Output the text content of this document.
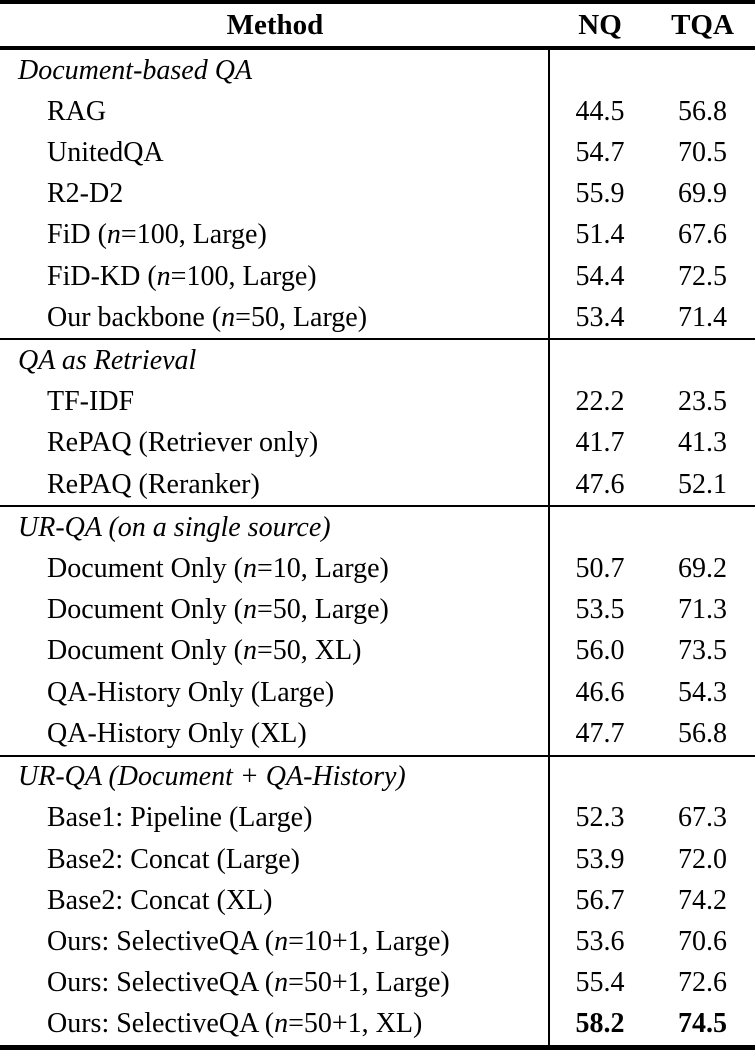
Method	NQ	TQA
Document-based QA
RAG	44.5	56.8
UnitedQA	54.7	70.5
R2-D2	55.9	69.9
FiD ( n =100, Large)	51.4	67.6
FiD-KD ( n =100, Large)	54.4	72.5
Our backbone ( n =50, Large)	53.4	71.4
QA as Retrieval
TF-IDF	22.2	23.5
RePAQ (Retriever only)	41.7	41.3
RePAQ (Reranker)	47.6	52.1
UR-QA (on a single source)
Document Only ( n =10, Large)	50.7	69.2
Document Only ( n =50, Large)	53.5	71.3
Document Only ( n =50, XL)	56.0	73.5
QA-History Only (Large)	46.6	54.3
QA-History Only (XL)	47.7	56.8
UR-QA (Document + QA-History)
Base1: Pipeline (Large)	52.3	67.3
Base2: Concat (Large)	53.9	72.0
Base2: Concat (XL)	56.7	74.2
Ours: SelectiveQA ( n =10+1, Large)	53.6	70.6
Ours: SelectiveQA ( n =50+1, Large)	55.4	72.6
Ours: SelectiveQA ( n =50+1, XL)	58.2	74.5
